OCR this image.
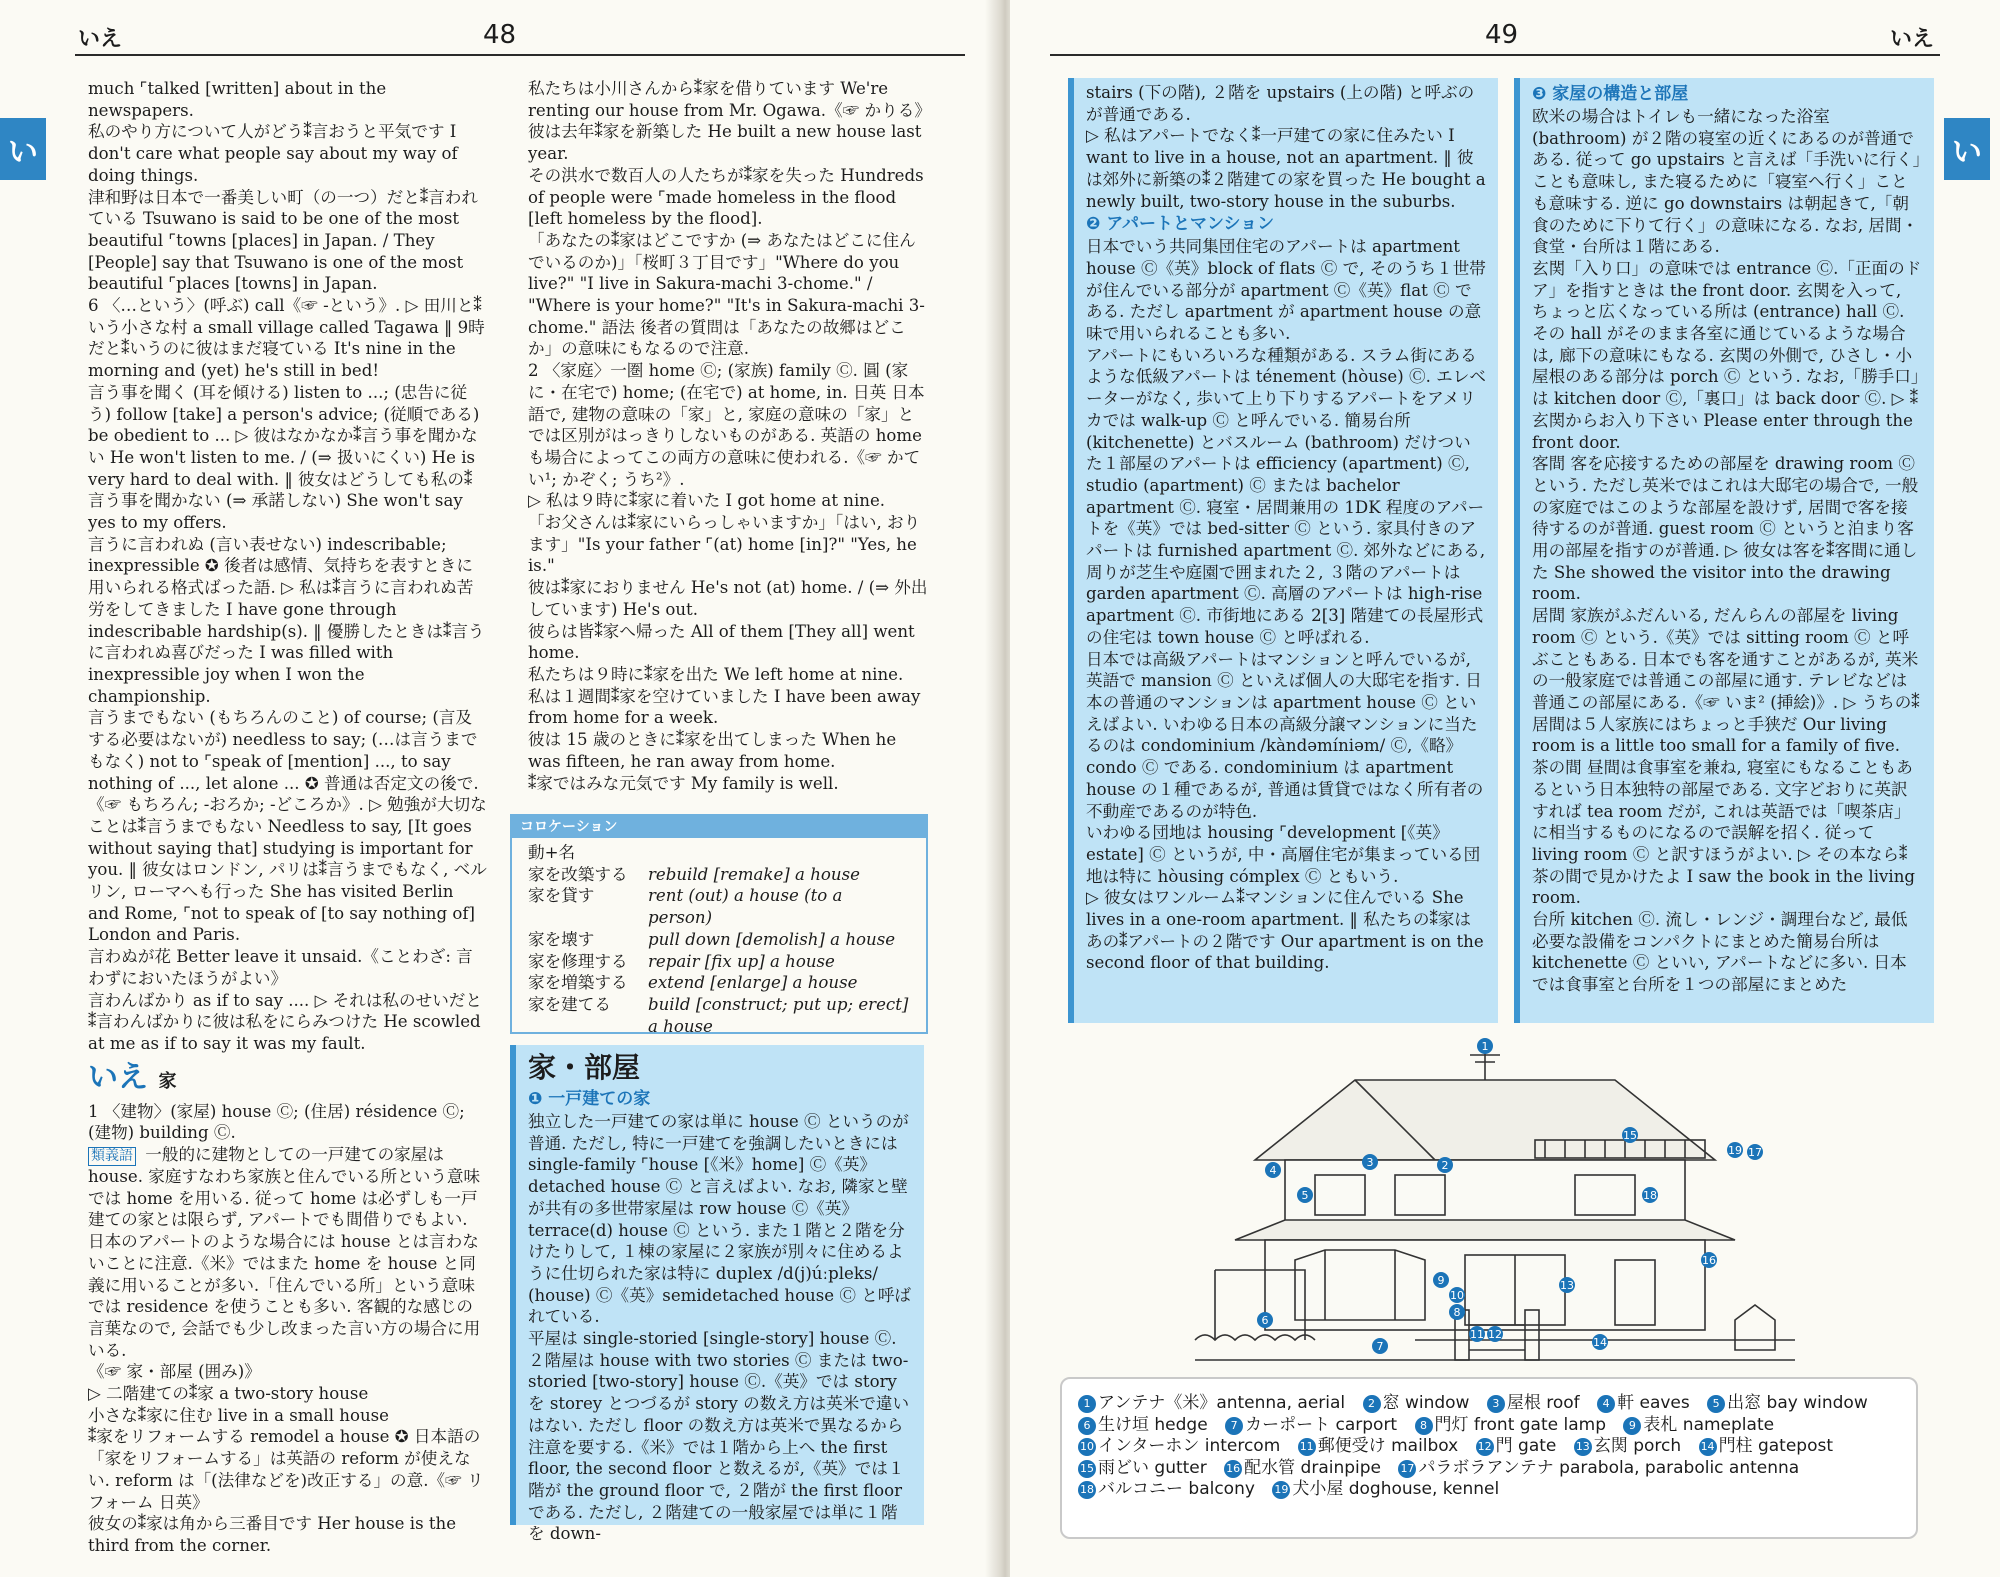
いえ	48
い

much ⌜talked [written] about in the newspapers.

私のやり方について人がどう⁑言おうと平気です I don't care what people say about my way of doing things.

津和野は日本で一番美しい町（の一つ）だと⁑言われている Tsuwano is said to be one of the most beautiful ⌜towns [places] in Japan. / They [People] say that Tsuwano is one of the most beautiful ⌜places [towns] in Japan.

6 〈…という〉(呼ぶ) call《☞ -という》. ▷ 田川と⁑いう小さな村 a small village called Tagawa ‖ 9時だと⁑いうのに彼はまだ寝ている It's nine in the morning and (yet) he's still in bed!

言う事を聞く (耳を傾ける) listen to ...; (忠告に従う) follow [take] a person's advice; (従順である) be obedient to ... ▷ 彼はなかなか⁑言う事を聞かない He won't listen to me. / (⇒ 扱いにくい) He is very hard to deal with. ‖ 彼女はどうしても私の⁑言う事を聞かない (⇒ 承諾しない) She won't say yes to my offers.

言うに言われぬ (言い表せない) indescribable; inexpressible ✪ 後者は感情、気持ちを表すときに用いられる格式ばった語. ▷ 私は⁑言うに言われぬ苦労をしてきました I have gone through indescribable hardship(s). ‖ 優勝したときは⁑言うに言われぬ喜びだった I was filled with inexpressible joy when I won the championship.

言うまでもない (もちろんのこと) of course; (言及する必要はないが) needless to say; (…は言うまでもなく) not to ⌜speak of [mention] ..., to say nothing of ..., let alone ... ✪ 普通は否定文の後で.《☞ もちろん; -おろか; -どころか》. ▷ 勉強が大切なことは⁑言うまでもない Needless to say, [It goes without saying that] studying is important for you. ‖ 彼女はロンドン, パリは⁑言うまでもなく, ベルリン, ローマへも行った She has visited Berlin and Rome, ⌜not to speak of [to say nothing of] London and Paris.

言わぬが花 Better leave it unsaid.《ことわざ: 言わずにおいたほうがよい》

言わんばかり as if to say .... ▷ それは私のせいだと⁑言わんばかりに彼は私をにらみつけた He scowled at me as if to say it was my fault.

いえ 家

1 〈建物〉(家屋) house Ⓒ; (住居) résidence Ⓒ; (建物) building Ⓒ.

類義語 一般的に建物としての一戸建ての家屋は house. 家庭すなわち家族と住んでいる所という意味では home を用いる. 従って home は必ずしも一戸建ての家とは限らず, アパートでも間借りでもよい. 日本のアパートのような場合には house とは言わないことに注意.《米》ではまた home を house と同義に用いることが多い.「住んでいる所」という意味では residence を使うことも多い. 客観的な感じの言葉なので, 会話でも少し改まった言い方の場合に用いる.

《☞ 家・部屋 (囲み)》

▷ 二階建ての⁑家 a two-story house

小さな⁑家に住む live in a small house

⁑家をリフォームする remodel a house ✪ 日本語の「家をリフォームする」は英語の reform が使えない. reform は「(法律などを)改正する」の意.《☞ リフォーム 日英》

彼女の⁑家は角から三番目です Her house is the third from the corner.

私たちは小川さんから⁑家を借りています We're renting our house from Mr. Ogawa.《☞ かりる》

彼は去年⁑家を新築した He built a new house last year.

その洪水で数百人の人たちが⁑家を失った Hundreds of people were ⌜made homeless in the flood [left homeless by the flood].

「あなたの⁑家はどこですか (⇒ あなたはどこに住んでいるのか)」「桜町３丁目です」"Where do you live?" "I live in Sakura-machi 3-chome." / "Where is your home?" "It's in Sakura-machi 3-chome." 語法 後者の質問は「あなたの故郷はどこか」の意味にもなるので注意.

2 〈家庭〉一圏 home Ⓒ; (家族) family Ⓒ. 圓 (家に・在宅で) home; (在宅で) at home, in. 日英 日本語で, 建物の意味の「家」と, 家庭の意味の「家」とでは区別がはっきりしないものがある. 英語の home も場合によってこの両方の意味に使われる.《☞ かてい¹; かぞく; うち²》.

▷ 私は９時に⁑家に着いた I got home at nine.

「お父さんは⁑家にいらっしゃいますか」「はい, おります」"Is your father ⌜(at) home [in]?" "Yes, he is."

彼は⁑家におりません He's not (at) home. / (⇒ 外出しています) He's out.

彼らは皆⁑家へ帰った All of them [They all] went home.

私たちは９時に⁑家を出た We left home at nine.

私は１週間⁑家を空けていました I have been away from home for a week.

彼は 15 歳のときに⁑家を出てしまった When he was fifteen, he ran away from home.

⁑家ではみな元気です My family is well.

コロケーション
動+名
家を改築する	rebuild [remake] a house
家を貸す	rent (out) a house (to a person)
家を壊す	pull down [demolish] a house
家を修理する	repair [fix up] a house
家を増築する	extend [enlarge] a house
家を建てる	build [construct; put up; erect] a house
家・部屋
❶ 一戸建ての家

独立した一戸建ての家は単に house Ⓒ というのが普通. ただし, 特に一戸建てを強調したいときには single-family ⌜house [《米》home] Ⓒ《英》detached house Ⓒ と言えばよい. なお, 隣家と壁が共有の多世帯家屋は row house Ⓒ《英》terrace(d) house Ⓒ という. また１階と２階を分けたりして, １棟の家屋に２家族が別々に住めるように仕切られた家は特に duplex /d(j)úːpleks/ (house) Ⓒ《英》semidetached house Ⓒ と呼ばれている.

平屋は single-storied [single-story] house Ⓒ. ２階屋は house with two stories Ⓒ または two-storied [two-story] house Ⓒ.《英》では story を storey とつづるが story の数え方は英米で違いはない. ただし floor の数え方は英米で異なるから注意を要する.《米》では１階から上へ the first floor, the second floor と数えるが,《英》では１階が the ground floor で, ２階が the first floor である. ただし, ２階建ての一般家屋では単に１階を down-

49	いえ
い

stairs (下の階), ２階を upstairs (上の階) と呼ぶのが普通である.

▷ 私はアパートでなく⁑一戸建ての家に住みたい I want to live in a house, not an apartment. ‖ 彼は郊外に新築の⁑２階建ての家を買った He bought a newly built, two-story house in the suburbs.

❷ アパートとマンション

日本でいう共同集団住宅のアパートは apartment house Ⓒ《英》block of flats Ⓒ で, そのうち１世帯が住んでいる部分が apartment Ⓒ《英》flat Ⓒ である. ただし apartment が apartment house の意味で用いられることも多い.

アパートにもいろいろな種類がある. スラム街にあるような低級アパートは ténement (hòuse) Ⓒ. エレベーターがなく, 歩いて上り下りするアパートをアメリカでは walk-up Ⓒ と呼んでいる. 簡易台所 (kitchenette) とバスルーム (bathroom) だけついた１部屋のアパートは efficiency (apartment) Ⓒ, studio (apartment) Ⓒ または bachelor apartment Ⓒ. 寝室・居間兼用の 1DK 程度のアパートを《英》では bed-sitter Ⓒ という. 家具付きのアパートは furnished apartment Ⓒ. 郊外などにある, 周りが芝生や庭園で囲まれた２, ３階のアパートは garden apartment Ⓒ. 高層のアパートは high-rise apartment Ⓒ. 市街地にある 2[3] 階建ての長屋形式の住宅は town house Ⓒ と呼ばれる.

日本では高級アパートはマンションと呼んでいるが, 英語で mansion Ⓒ といえば個人の大邸宅を指す. 日本の普通のマンションは apartment house Ⓒ といえばよい. いわゆる日本の高級分譲マンションに当たるのは condominium /kàndəmíniəm/ Ⓒ,《略》condo Ⓒ である. condominium は apartment house の１種であるが, 普通は賃貸ではなく所有者の不動産であるのが特色.

いわゆる団地は housing ⌜development [《英》estate] Ⓒ というが, 中・高層住宅が集まっている団地は特に hòusing cómplex Ⓒ ともいう.

▷ 彼女はワンルーム⁑マンションに住んでいる She lives in a one-room apartment. ‖ 私たちの⁑家はあの⁑アパートの２階です Our apartment is on the second floor of that building.

❸ 家屋の構造と部屋

欧米の場合はトイレも一緒になった浴室 (bathroom) が２階の寝室の近くにあるのが普通である. 従って go upstairs と言えば「手洗いに行く」ことも意味し, また寝るために「寝室へ行く」ことも意味する. 逆に go downstairs は朝起きて,「朝食のために下りて行く」の意味になる. なお, 居間・食堂・台所は１階にある.

玄関「入り口」の意味では entrance Ⓒ.「正面のドア」を指すときは the front door. 玄関を入って, ちょっと広くなっている所は (entrance) hall Ⓒ. その hall がそのまま各室に通じているような場合は, 廊下の意味にもなる. 玄関の外側で, ひさし・小屋根のある部分は porch Ⓒ という. なお,「勝手口」は kitchen door Ⓒ,「裏口」は back door Ⓒ. ▷ ⁑玄関からお入り下さい Please enter through the front door.

客間 客を応接するための部屋を drawing room Ⓒ という. ただし英米ではこれは大邸宅の場合で, 一般の家庭ではこのような部屋を設けず, 居間で客を接待するのが普通. guest room Ⓒ というと泊まり客用の部屋を指すのが普通. ▷ 彼女は客を⁑客間に通した She showed the visitor into the drawing room.

居間 家族がふだんいる, だんらんの部屋を living room Ⓒ という.《英》では sitting room Ⓒ と呼ぶこともある. 日本でも客を通すことがあるが, 英米の一般家庭では普通この部屋に通す. テレビなどは普通この部屋にある.《☞ いま² (挿絵)》. ▷ うちの⁑居間は５人家族にはちょっと手狭だ Our living room is a little too small for a family of five.

茶の間 昼間は食事室を兼ね, 寝室にもなることもあるという日本独特の部屋である. 文字どおりに英訳すれば tea room だが, これは英語では「喫茶店」に相当するものになるので誤解を招く. 従って living room Ⓒ と訳すほうがよい. ▷ その本なら⁑茶の間で見かけたよ I saw the book in the living room.

台所 kitchen Ⓒ. 流し・レンジ・調理台など, 最低必要な設備をコンパクトにまとめた簡易台所は kitchenette Ⓒ といい, アパートなどに多い. 日本では食事室と台所を１つの部屋にまとめた

1
2
3
4
5
6
7
8
9
10
11 12
13
14
15
16
17
18
19
1 アンテナ《米》antenna, aerial 2 窓 window 3 屋根 roof 4 軒 eaves 5 出窓 bay window
6 生け垣 hedge 7 カーポート carport 8 門灯 front gate lamp 9 表札 nameplate
10 インターホン intercom 11 郵便受け mailbox 12 門 gate 13 玄関 porch 14 門柱 gatepost
15 雨どい gutter 16 配水管 drainpipe 17 パラボラアンテナ parabola, parabolic antenna
18 バルコニー balcony 19 犬小屋 doghouse, kennel
